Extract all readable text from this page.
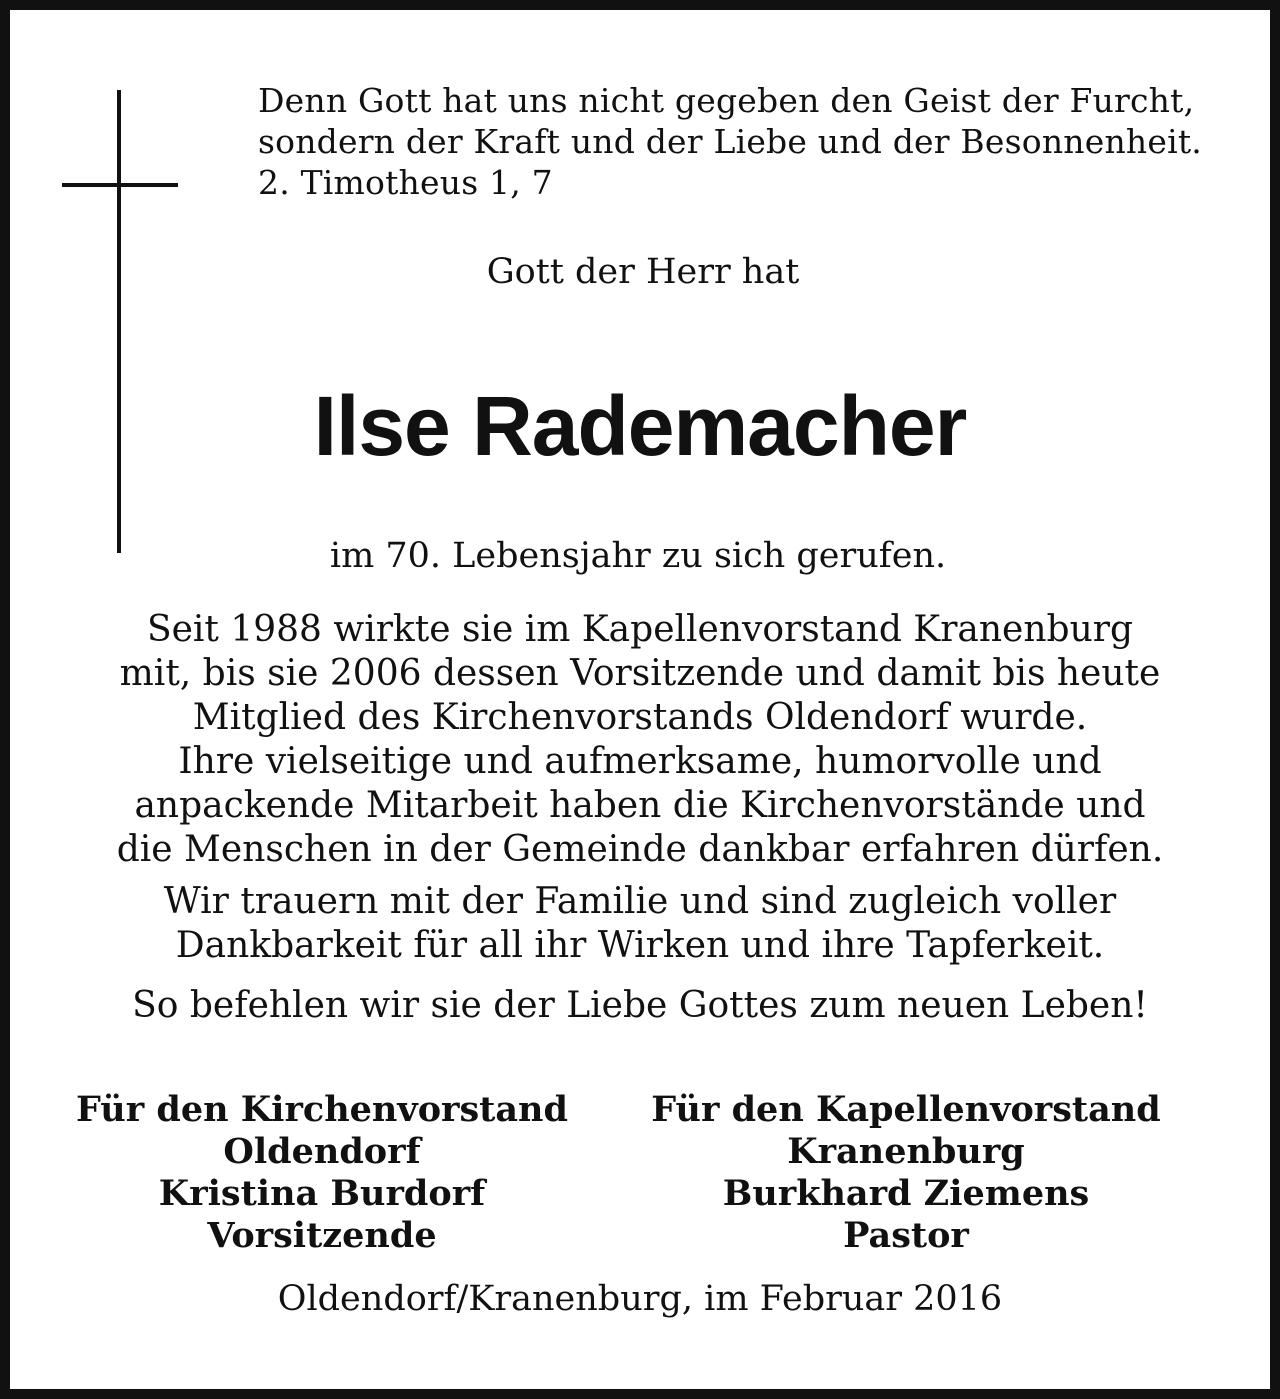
Denn Gott hat uns nicht gegeben den Geist der Furcht,
sondern der Kraft und der Liebe und der Besonnenheit.
2. Timotheus 1, 7
Gott der Herr hat
Ilse Rademacher
im 70. Lebensjahr zu sich gerufen.
Seit 1988 wirkte sie im Kapellenvorstand Kranenburg
mit, bis sie 2006 dessen Vorsitzende und damit bis heute
Mitglied des Kirchenvorstands Oldendorf wurde.
Ihre vielseitige und aufmerksame, humorvolle und
anpackende Mitarbeit haben die Kirchenvorstände und
die Menschen in der Gemeinde dankbar erfahren dürfen.
Wir trauern mit der Familie und sind zugleich voller
Dankbarkeit für all ihr Wirken und ihre Tapferkeit.
So befehlen wir sie der Liebe Gottes zum neuen Leben!
Für den Kirchenvorstand
Oldendorf
Kristina Burdorf
Vorsitzende
Für den Kapellenvorstand
Kranenburg
Burkhard Ziemens
Pastor
Oldendorf/Kranenburg, im Februar 2016
